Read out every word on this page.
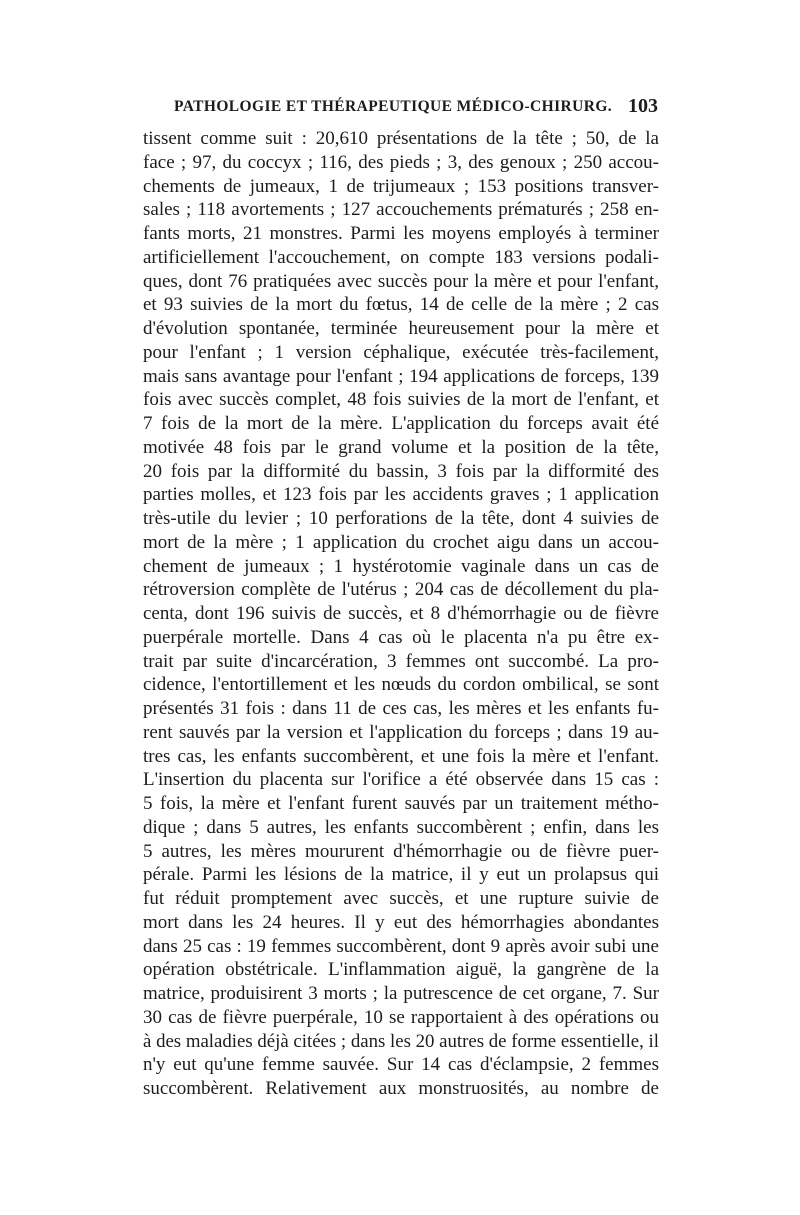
PATHOLOGIE ET THÉRAPEUTIQUE MÉDICO-CHIRURG. 103
tissent comme suit : 20,610 présentations de la tête ; 50, de la
face ; 97, du coccyx ; 116, des pieds ; 3, des genoux ; 250 accou-
chements de jumeaux, 1 de trijumeaux ; 153 positions transver-
sales ; 118 avortements ; 127 accouchements prématurés ; 258 en-
fants morts, 21 monstres. Parmi les moyens employés à terminer
artificiellement l'accouchement, on compte 183 versions podali-
ques, dont 76 pratiquées avec succès pour la mère et pour l'enfant,
et 93 suivies de la mort du fœtus, 14 de celle de la mère ; 2 cas
d'évolution spontanée, terminée heureusement pour la mère et
pour l'enfant ; 1 version céphalique, exécutée très-facilement,
mais sans avantage pour l'enfant ; 194 applications de forceps, 139
fois avec succès complet, 48 fois suivies de la mort de l'enfant, et
7 fois de la mort de la mère. L'application du forceps avait été
motivée 48 fois par le grand volume et la position de la tête,
20 fois par la difformité du bassin, 3 fois par la difformité des
parties molles, et 123 fois par les accidents graves ; 1 application
très-utile du levier ; 10 perforations de la tête, dont 4 suivies de
mort de la mère ; 1 application du crochet aigu dans un accou-
chement de jumeaux ; 1 hystérotomie vaginale dans un cas de
rétroversion complète de l'utérus ; 204 cas de décollement du pla-
centa, dont 196 suivis de succès, et 8 d'hémorrhagie ou de fièvre
puerpérale mortelle. Dans 4 cas où le placenta n'a pu être ex-
trait par suite d'incarcération, 3 femmes ont succombé. La pro-
cidence, l'entortillement et les nœuds du cordon ombilical, se sont
présentés 31 fois : dans 11 de ces cas, les mères et les enfants fu-
rent sauvés par la version et l'application du forceps ; dans 19 au-
tres cas, les enfants succombèrent, et une fois la mère et l'enfant.
L'insertion du placenta sur l'orifice a été observée dans 15 cas :
5 fois, la mère et l'enfant furent sauvés par un traitement métho-
dique ; dans 5 autres, les enfants succombèrent ; enfin, dans les
5 autres, les mères moururent d'hémorrhagie ou de fièvre puer-
pérale. Parmi les lésions de la matrice, il y eut un prolapsus qui
fut réduit promptement avec succès, et une rupture suivie de
mort dans les 24 heures. Il y eut des hémorrhagies abondantes
dans 25 cas : 19 femmes succombèrent, dont 9 après avoir subi une
opération obstétricale. L'inflammation aiguë, la gangrène de la
matrice, produisirent 3 morts ; la putrescence de cet organe, 7. Sur
30 cas de fièvre puerpérale, 10 se rapportaient à des opérations ou
à des maladies déjà citées ; dans les 20 autres de forme essentielle, il
n'y eut qu'une femme sauvée. Sur 14 cas d'éclampsie, 2 femmes
succombèrent. Relativement aux monstruosités, au nombre de
